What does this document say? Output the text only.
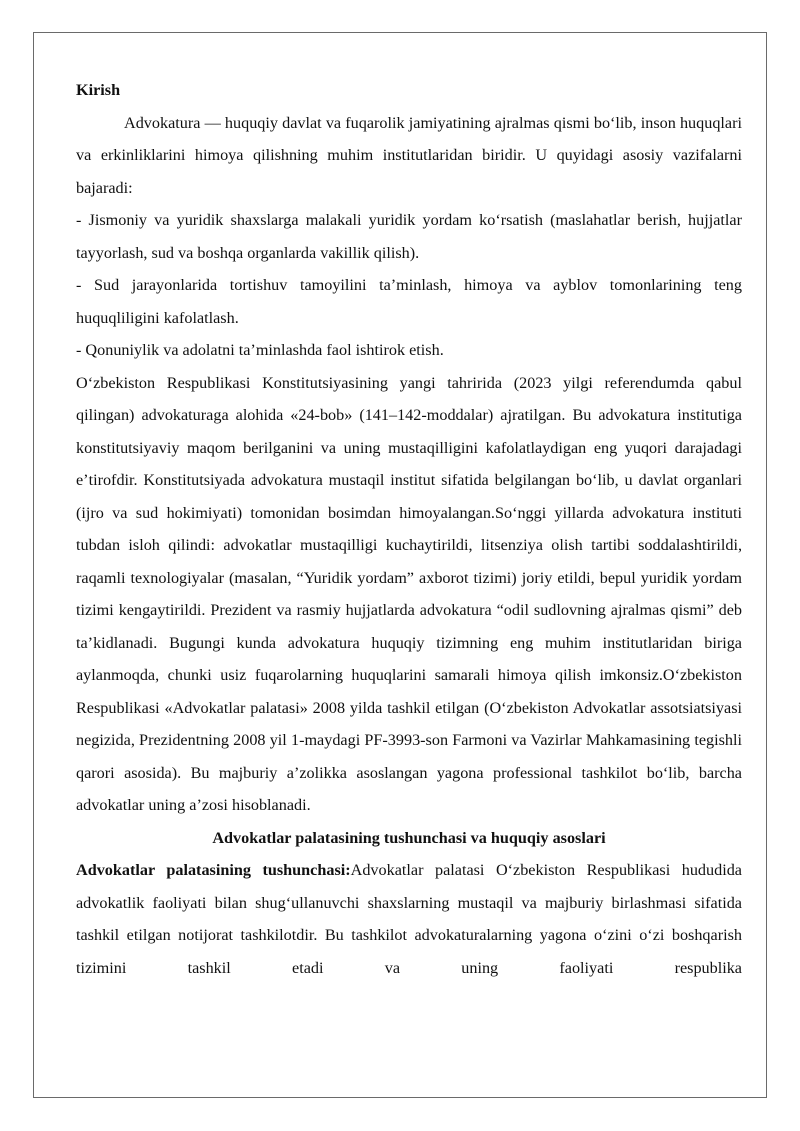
Kirish

Advokatura — huquqiy davlat va fuqarolik jamiyatining ajralmas qismi boʻlib, inson huquqlari va erkinliklarini himoya qilishning muhim institutlaridan biridir. U quyidagi asosiy vazifalarni bajaradi:

- Jismoniy va yuridik shaxslarga malakali yuridik yordam koʻrsatish (maslahatlar berish, hujjatlar tayyorlash, sud va boshqa organlarda vakillik qilish).

- Sud jarayonlarida tortishuv tamoyilini taʼminlash, himoya va ayblov tomonlarining teng huquqliligini kafolatlash.

- Qonuniylik va adolatni taʼminlashda faol ishtirok etish.

Oʻzbekiston Respublikasi Konstitutsiyasining yangi tahririda (2023 yilgi referendumda qabul qilingan) advokaturaga alohida «24-bob» (141–142-moddalar) ajratilgan. Bu advokatura institutiga konstitutsiyaviy maqom berilganini va uning mustaqilligini kafolatlaydigan eng yuqori darajadagi eʼtirofdir. Konstitutsiyada advokatura mustaqil institut sifatida belgilangan boʻlib, u davlat organlari (ijro va sud hokimiyati) tomonidan bosimdan himoyalangan.Soʻnggi yillarda advokatura instituti tubdan isloh qilindi: advokatlar mustaqilligi kuchaytirildi, litsenziya olish tartibi soddalashtirildi, raqamli texnologiyalar (masalan, “Yuridik yordam” axborot tizimi) joriy etildi, bepul yuridik yordam tizimi kengaytirildi. Prezident va rasmiy hujjatlarda advokatura “odil sudlovning ajralmas qismi” deb taʼkidlanadi. Bugungi kunda advokatura huquqiy tizimning eng muhim institutlaridan biriga aylanmoqda, chunki usiz fuqarolarning huquqlarini samarali himoya qilish imkonsiz.Oʻzbekiston Respublikasi «Advokatlar palatasi» 2008 yilda tashkil etilgan (Oʻzbekiston Advokatlar assotsiatsiyasi negizida, Prezidentning 2008 yil 1-maydagi PF-3993-son Farmoni va Vazirlar Mahkamasining tegishli qarori asosida). Bu majburiy aʼzolikka asoslangan yagona professional tashkilot boʻlib, barcha advokatlar uning aʼzosi hisoblanadi.

Advokatlar palatasining tushunchasi va huquqiy asoslari

Advokatlar palatasining tushunchasi:Advokatlar palatasi Oʻzbekiston Respublikasi hududida advokatlik faoliyati bilan shugʻullanuvchi shaxslarning mustaqil va majburiy birlashmasi sifatida tashkil etilgan notijorat tashkilotdir. Bu tashkilot advokaturalarning yagona oʻzini oʻzi boshqarish tizimini tashkil etadi va uning faoliyati respublika
